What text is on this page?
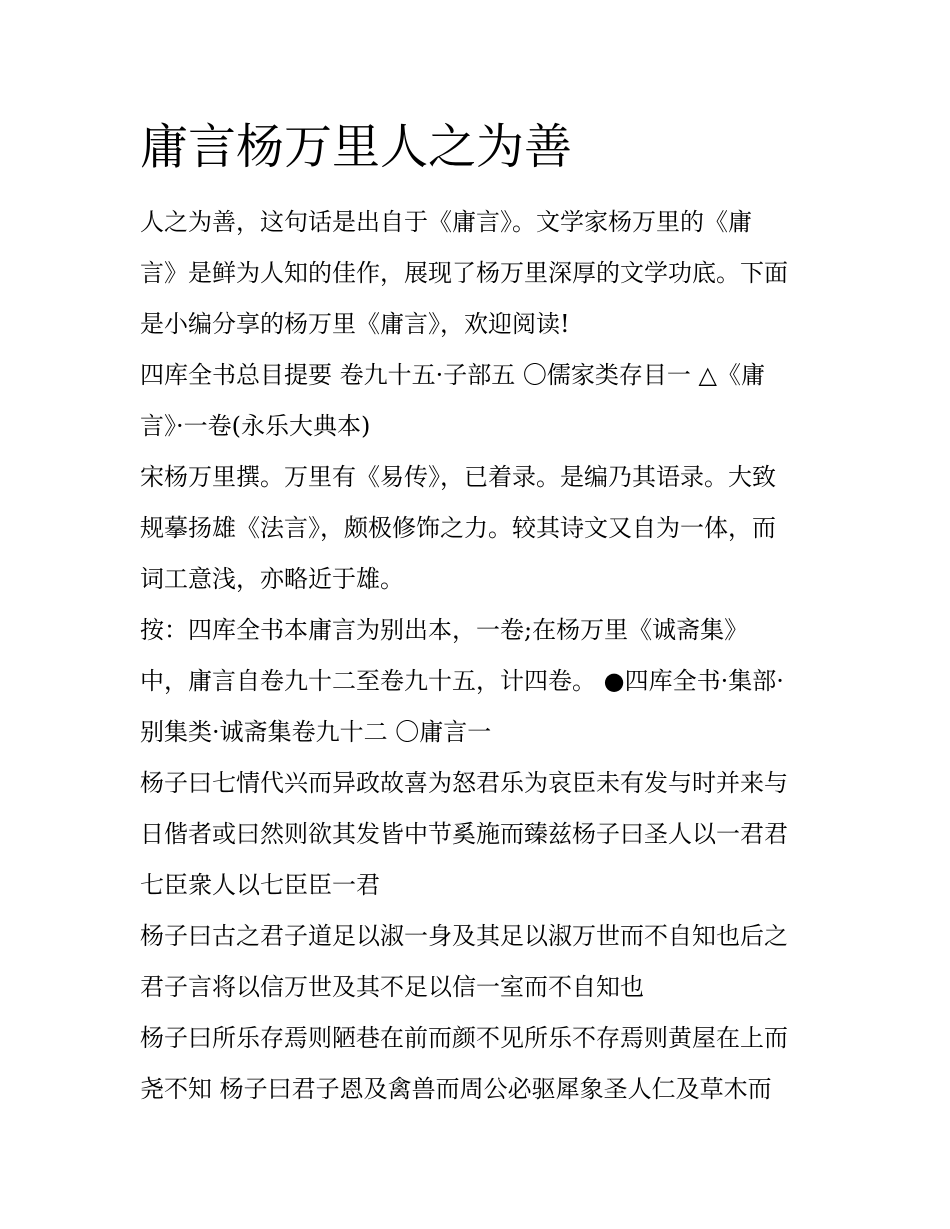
庸言杨万里人之为善
人之为善，这句话是出自于《庸言》。文学家杨万里的《庸
言》是鲜为人知的佳作，展现了杨万里深厚的文学功底。下面
是小编分享的杨万里《庸言》，欢迎阅读!
四库全书总目提要 卷九十五·子部五 〇儒家类存目一 △《庸
言》·一卷(永乐大典本)
宋杨万里撰。万里有《易传》，已着录。是编乃其语录。大致
规摹扬雄《法言》，颇极修饰之力。较其诗文又自为一体，而
词工意浅，亦略近于雄。
按：四库全书本庸言为别出本，一卷;在杨万里《诚斋集》
中，庸言自卷九十二至卷九十五，计四卷。 ●四库全书·集部·
别集类·诚斋集卷九十二 〇庸言一
杨子曰七情代兴而异政故喜为怒君乐为哀臣未有发与时并来与
日偕者或曰然则欲其发皆中节奚施而臻兹杨子曰圣人以一君君
七臣衆人以七臣臣一君
杨子曰古之君子道足以淑一身及其足以淑万世而不自知也后之
君子言将以信万世及其不足以信一室而不自知也
杨子曰所乐存焉则陋巷在前而颜不见所乐不存焉则黄屋在上而
尧不知 杨子曰君子恩及禽兽而周公必驱犀象圣人仁及草木而
